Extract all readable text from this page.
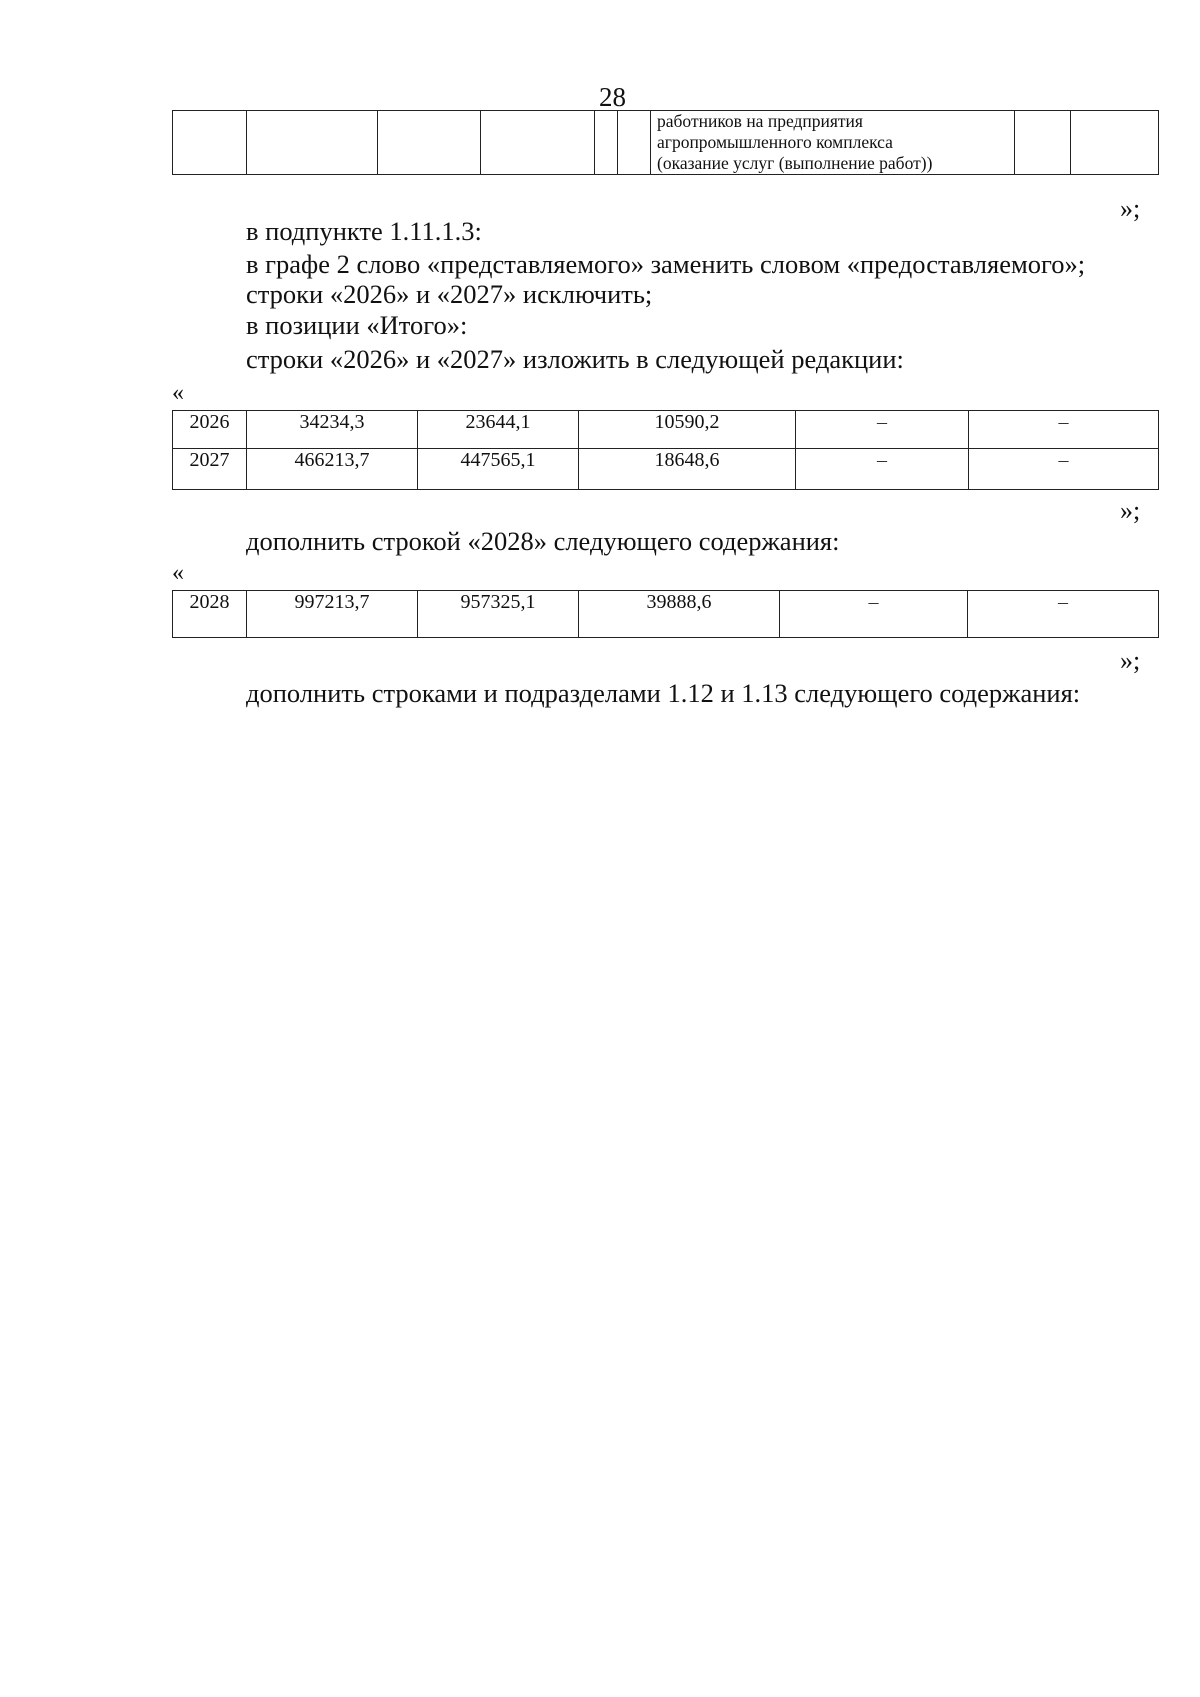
28

работников на предприятия
агропромышленного комплекса
(оказание услуг (выполнение работ))

»;
в подпункте 1.11.1.3:
в графе 2 слово «представляемого» заменить словом «предоставляемого»;
строки «2026» и «2027» исключить;
в позиции «Итого»:
строки «2026» и «2027» изложить в следующей редакции:
«
2026	34234,3	23644,1	10590,2	–	–
2027	466213,7	447565,1	18648,6	–	–
»;
дополнить строкой «2028» следующего содержания:
«
2028	997213,7	957325,1	39888,6	–	–
»;
дополнить строками и подразделами 1.12 и 1.13 следующего содержания:
